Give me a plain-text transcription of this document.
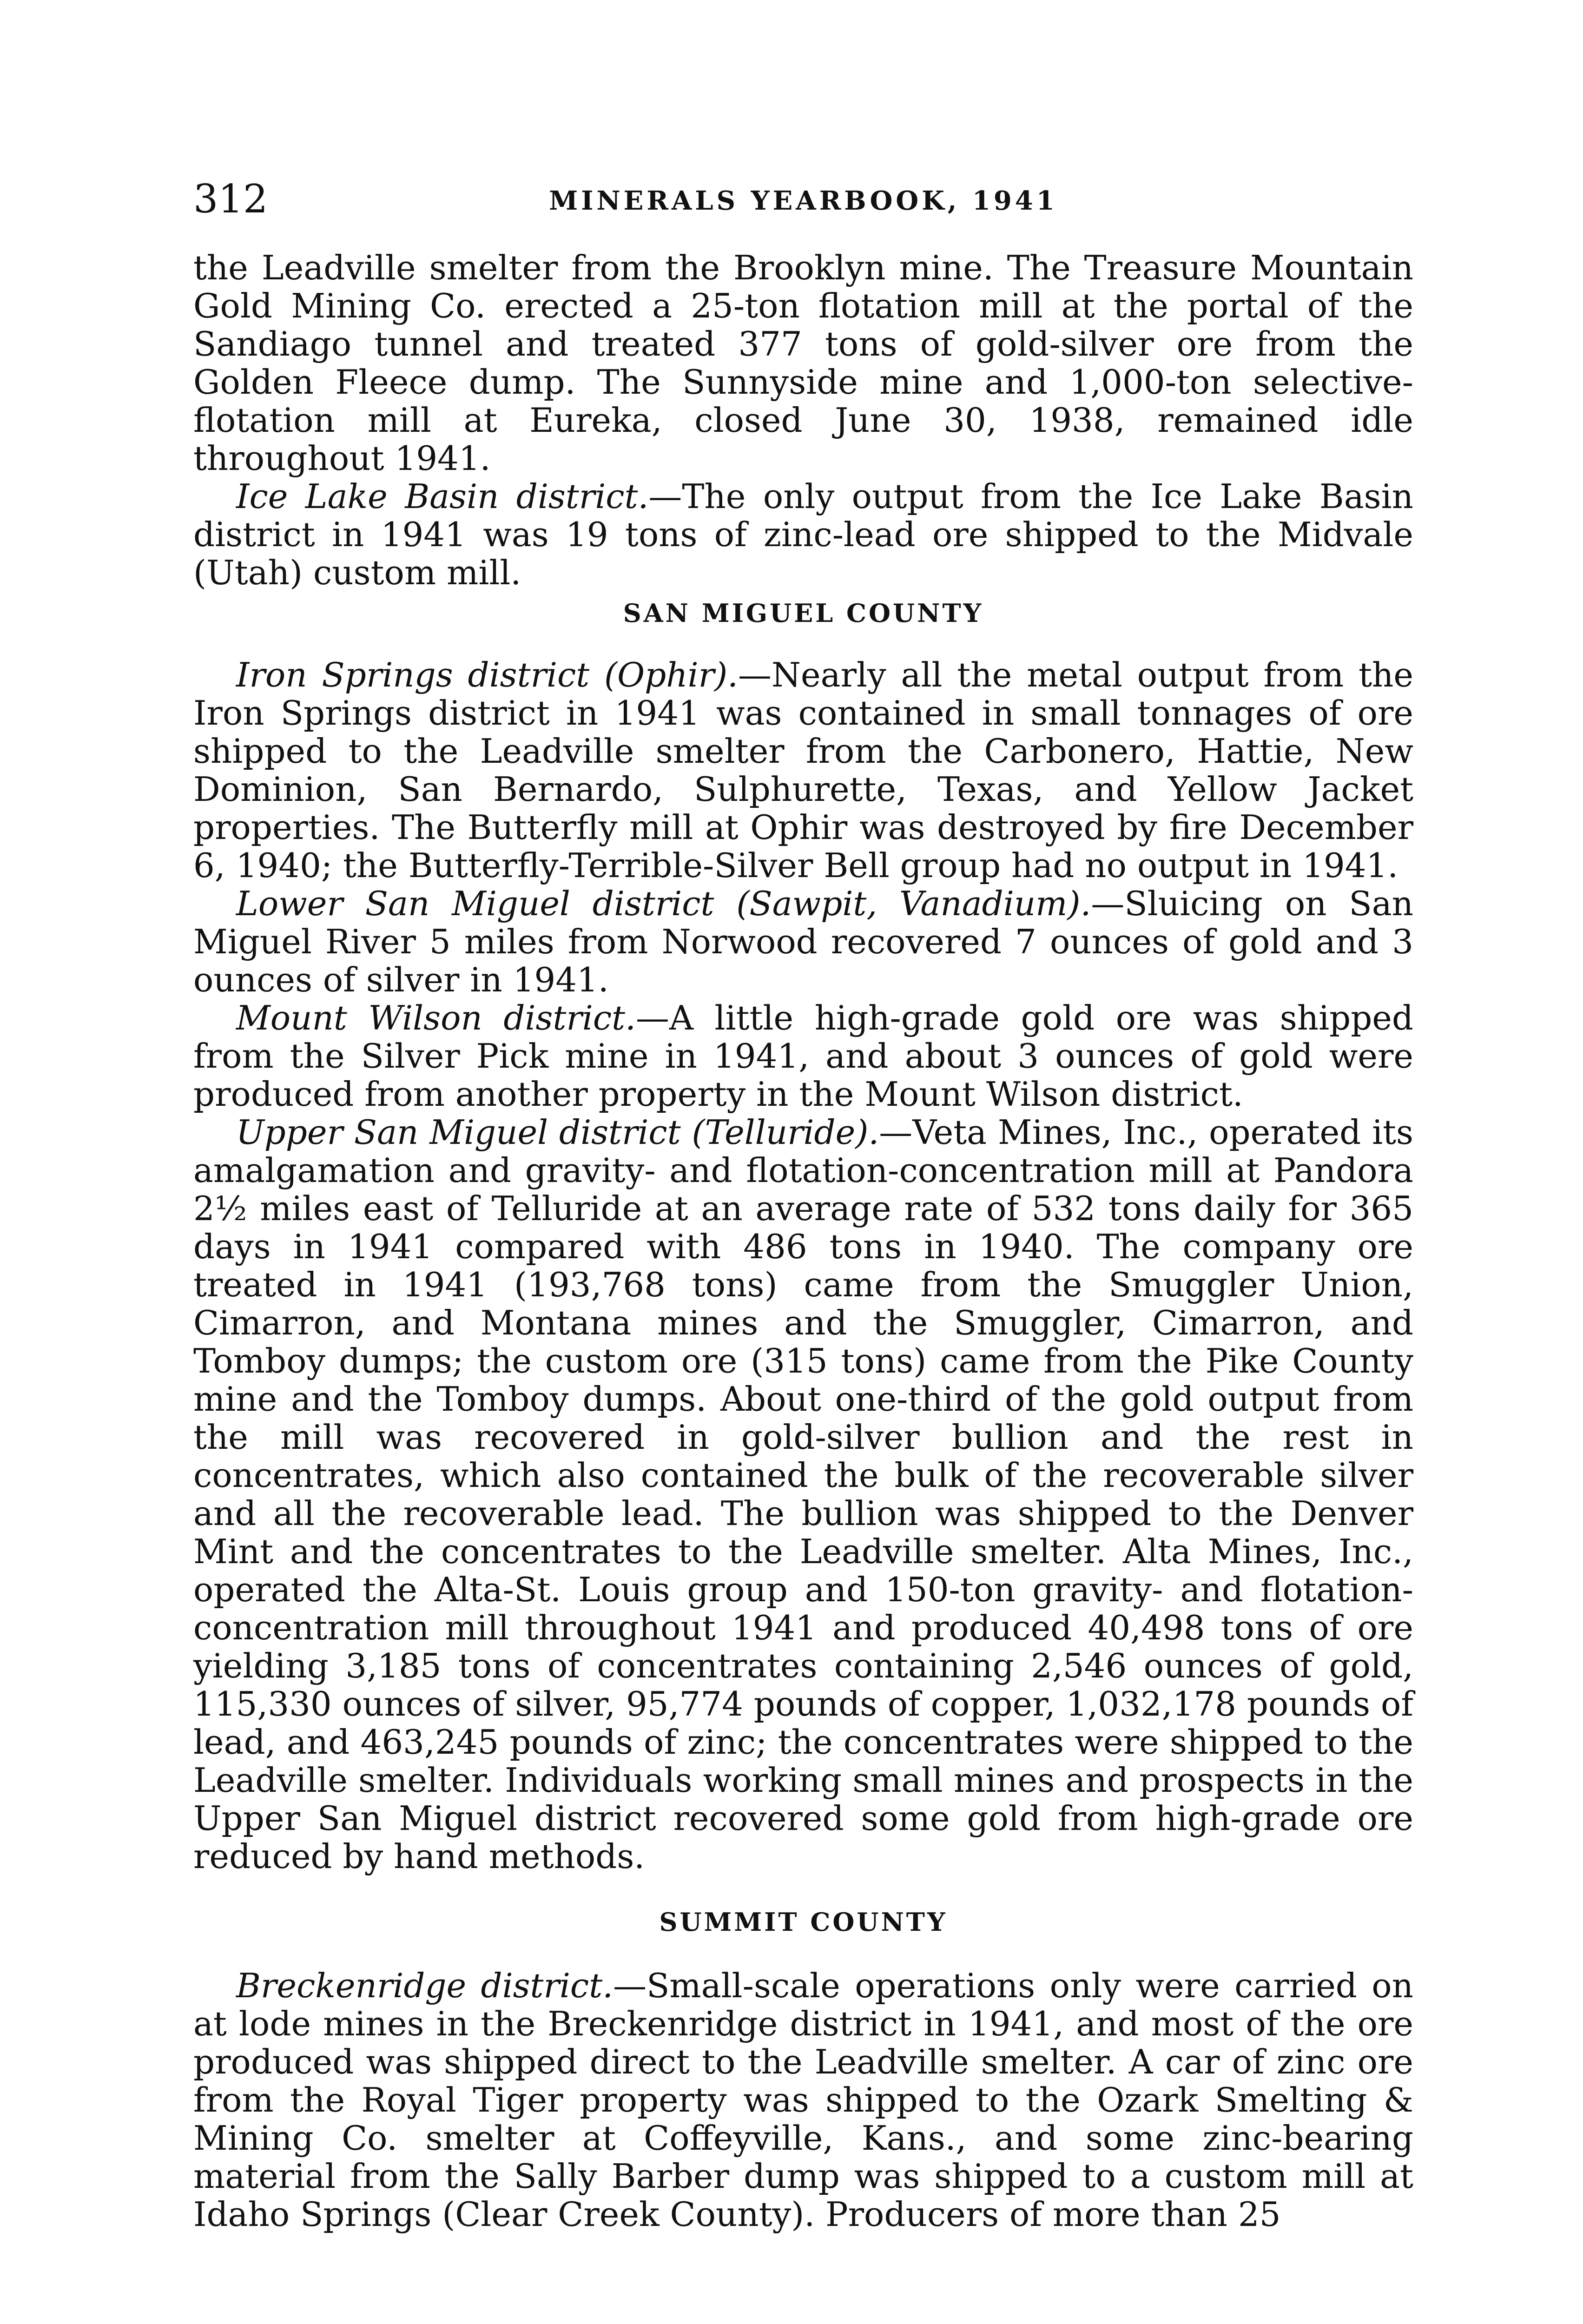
312	MINERALS YEARBOOK, 1941

the Leadville smelter from the Brooklyn mine. The Treasure Mountain Gold Mining Co. erected a 25-ton flotation mill at the portal of the Sandiago tunnel and treated 377 tons of gold-silver ore from the Golden Fleece dump. The Sunnyside mine and 1,000-ton selective-flotation mill at Eureka, closed June 30, 1938, remained idle throughout 1941.

Ice Lake Basin district.—The only output from the Ice Lake Basin district in 1941 was 19 tons of zinc-lead ore shipped to the Midvale (Utah) custom mill.

SAN MIGUEL COUNTY

Iron Springs district (Ophir).—Nearly all the metal output from the Iron Springs district in 1941 was contained in small tonnages of ore shipped to the Leadville smelter from the Carbonero, Hattie, New Dominion, San Bernardo, Sulphurette, Texas, and Yellow Jacket properties. The Butterfly mill at Ophir was destroyed by fire December 6, 1940; the Butterfly-Terrible-Silver Bell group had no output in 1941.

Lower San Miguel district (Sawpit, Vanadium).—Sluicing on San Miguel River 5 miles from Norwood recovered 7 ounces of gold and 3 ounces of silver in 1941.

Mount Wilson district.—A little high-grade gold ore was shipped from the Silver Pick mine in 1941, and about 3 ounces of gold were produced from another property in the Mount Wilson district.

Upper San Miguel district (Telluride).—Veta Mines, Inc., operated its amalgamation and gravity- and flotation-concentration mill at Pandora 2½ miles east of Telluride at an average rate of 532 tons daily for 365 days in 1941 compared with 486 tons in 1940. The company ore treated in 1941 (193,768 tons) came from the Smuggler Union, Cimarron, and Montana mines and the Smuggler, Cimarron, and Tomboy dumps; the custom ore (315 tons) came from the Pike County mine and the Tomboy dumps. About one-third of the gold output from the mill was recovered in gold-silver bullion and the rest in concentrates, which also contained the bulk of the recoverable silver and all the recoverable lead. The bullion was shipped to the Denver Mint and the concentrates to the Leadville smelter. Alta Mines, Inc., operated the Alta-St. Louis group and 150-ton gravity- and flotation-concentration mill throughout 1941 and produced 40,498 tons of ore yielding 3,185 tons of concentrates containing 2,546 ounces of gold, 115,330 ounces of silver, 95,774 pounds of copper, 1,032,178 pounds of lead, and 463,245 pounds of zinc; the concentrates were shipped to the Leadville smelter. Individuals working small mines and prospects in the Upper San Miguel district recovered some gold from high-grade ore reduced by hand methods.

SUMMIT COUNTY

Breckenridge district.—Small-scale operations only were carried on at lode mines in the Breckenridge district in 1941, and most of the ore produced was shipped direct to the Leadville smelter. A car of zinc ore from the Royal Tiger property was shipped to the Ozark Smelting & Mining Co. smelter at Coffeyville, Kans., and some zinc-bearing material from the Sally Barber dump was shipped to a custom mill at Idaho Springs (Clear Creek County). Producers of more than 25
